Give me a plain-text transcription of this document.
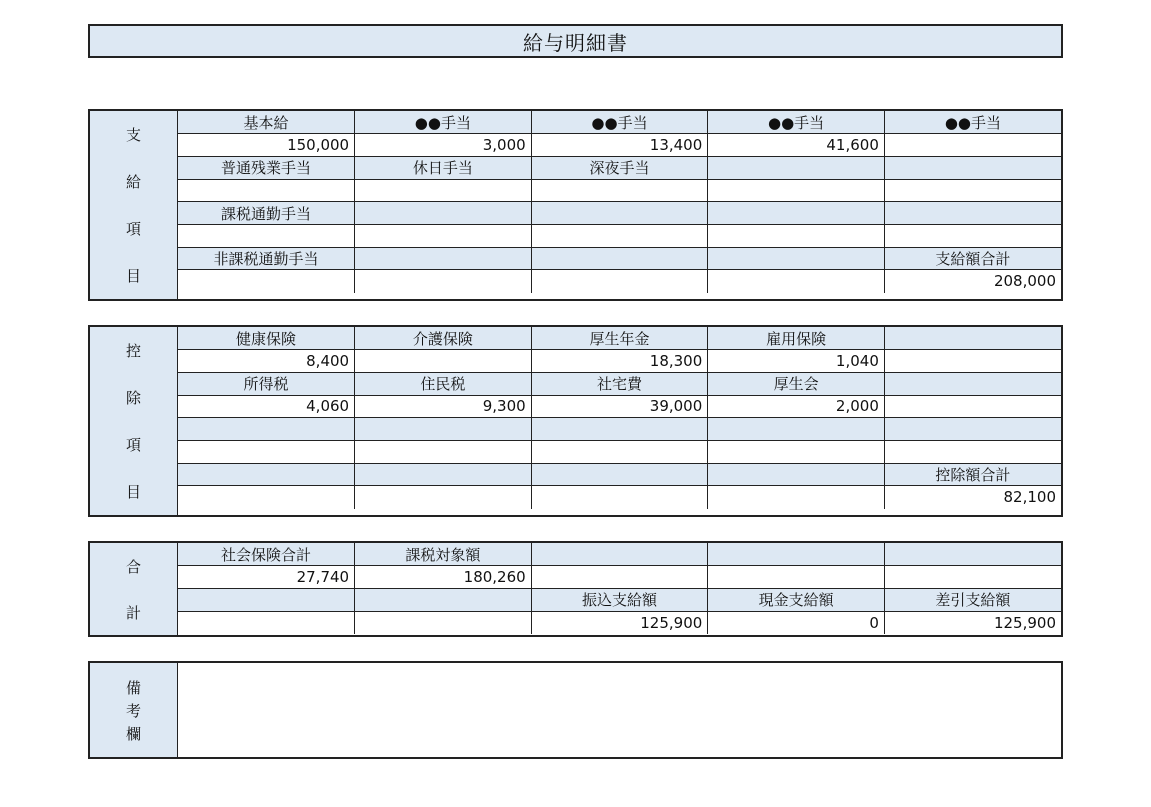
給与明細書
支
給
項
目
基本給	●●手当	●●手当	●●手当	●●手当
150,000	3,000	13,400	41,600	
普通残業手当	休日手当	深夜手当		

課税通勤手当				

非課税通勤手当				支給額合計
				208,000
控
除
項
目
健康保険	介護保険	厚生年金	雇用保険	
8,400		18,300	1,040	
所得税	住民税	社宅費	厚生会	
4,060	9,300	39,000	2,000	

				控除額合計
				82,100
合
計
社会保険合計	課税対象額			
27,740	180,260			
		振込支給額	現金支給額	差引支給額
		125,900	0	125,900
備
考
欄
